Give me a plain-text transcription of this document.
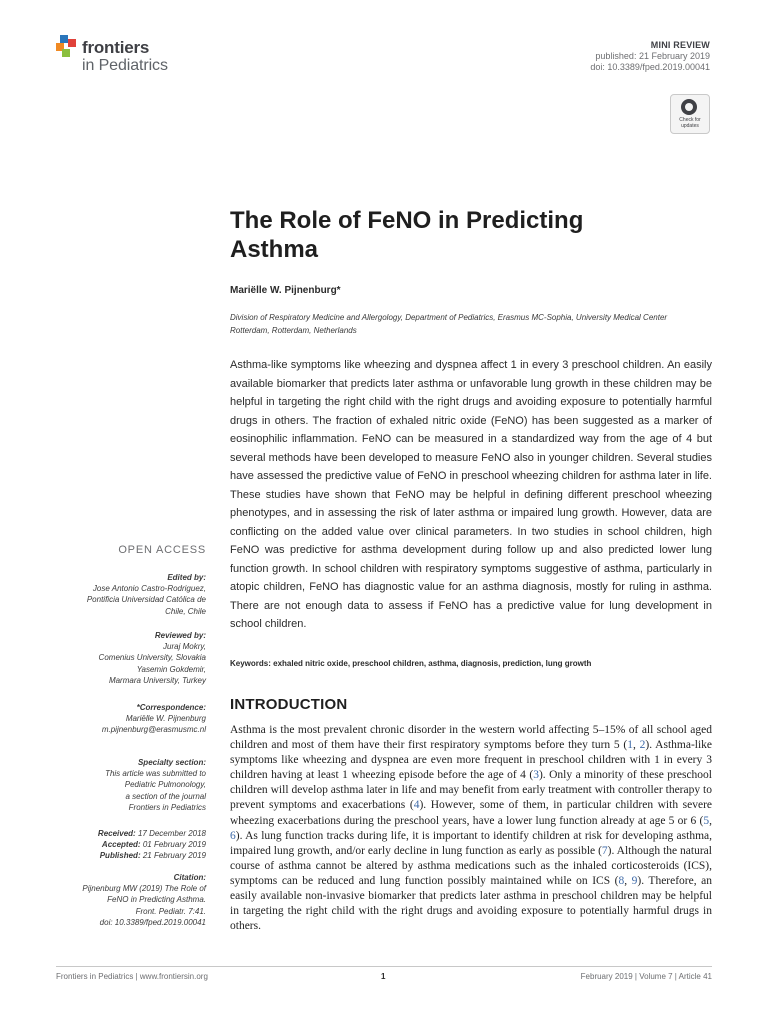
frontiers
in Pediatrics
MINI REVIEW
published: 21 February 2019
doi: 10.3389/fped.2019.00041
Check for
updates
The Role of FeNO in Predicting
Asthma
Mariëlle W. Pijnenburg*
Division of Respiratory Medicine and Allergology, Department of Pediatrics, Erasmus MC-Sophia, University Medical Center
Rotterdam, Rotterdam, Netherlands
Asthma-like symptoms like wheezing and dyspnea affect 1 in every 3 preschool children. An easily available biomarker that predicts later asthma or unfavorable lung growth in these children may be helpful in targeting the right child with the right drugs and avoiding exposure to potentially harmful drugs in others. The fraction of exhaled nitric oxide (FeNO) has been suggested as a marker of eosinophilic inflammation. FeNO can be measured in a standardized way from the age of 4 but several methods have been developed to measure FeNO also in younger children. Several studies have assessed the predictive value of FeNO in preschool wheezing children for asthma later in life. These studies have shown that FeNO may be helpful in defining different preschool wheezing phenotypes, and in assessing the risk of later asthma or impaired lung growth. However, data are conflicting on the added value over clinical parameters. In two studies in school children, high FeNO was predictive for asthma development during follow up and also predicted lower lung function growth. In school children with respiratory symptoms suggestive of asthma, particularly in atopic children, FeNO has diagnostic value for an asthma diagnosis, mostly for ruling in asthma. There are not enough data to assess if FeNO has a predictive value for lung development in school children.
Keywords: exhaled nitric oxide, preschool children, asthma, diagnosis, prediction, lung growth
INTRODUCTION
Asthma is the most prevalent chronic disorder in the western world affecting 5–15% of all school aged children and most of them have their first respiratory symptoms before they turn 5 (1, 2). Asthma-like symptoms like wheezing and dyspnea are even more frequent in preschool children with 1 in every 3 children having at least 1 wheezing episode before the age of 4 (3). Only a minority of these preschool children will develop asthma later in life and may benefit from early treatment with controller therapy to prevent symptoms and exacerbations (4). However, some of them, in particular children with severe wheezing exacerbations during the preschool years, have a lower lung function already at age 5 or 6 (5, 6). As lung function tracks during life, it is important to identify children at risk for developing asthma, impaired lung growth, and/or early decline in lung function as early as possible (7). Although the natural course of asthma cannot be altered by asthma medications such as the inhaled corticosteroids (ICS), symptoms can be reduced and lung function possibly maintained while on ICS (8, 9). Therefore, an easily available non-invasive biomarker that predicts later asthma in preschool children may be helpful in targeting the right child with the right drugs and avoiding exposure to potentially harmful drugs in others.
OPEN ACCESS
Edited by:
Jose Antonio Castro-Rodriguez,
Pontificia Universidad Católica de
Chile, Chile
Reviewed by:
Juraj Mokry,
Comenius University, Slovakia
Yasemin Gokdemir,
Marmara University, Turkey
*Correspondence:
Mariëlle W. Pijnenburg
m.pijnenburg@erasmusmc.nl
Specialty section:
This article was submitted to
Pediatric Pulmonology,
a section of the journal
Frontiers in Pediatrics
Received: 17 December 2018
Accepted: 01 February 2019
Published: 21 February 2019
Citation:
Pijnenburg MW (2019) The Role of
FeNO in Predicting Asthma.
Front. Pediatr. 7:41.
doi: 10.3389/fped.2019.00041
Frontiers in Pediatrics | www.frontiersin.org	1	February 2019 | Volume 7 | Article 41
